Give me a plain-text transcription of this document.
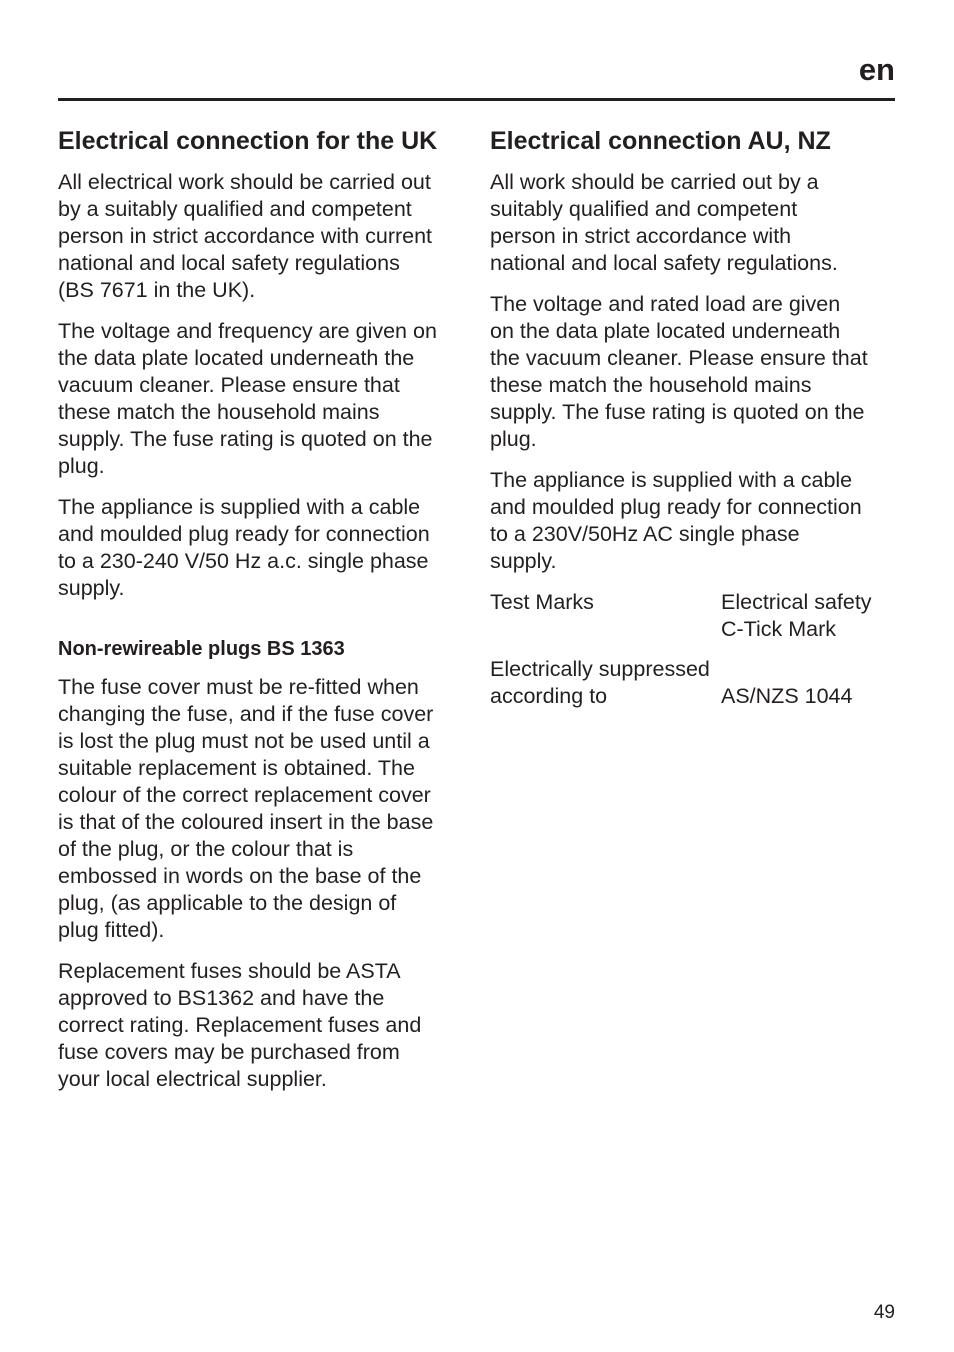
en
Electrical connection for the UK

All electrical work should be carried out
by a suitably qualified and competent
person in strict accordance with current
national and local safety regulations
(BS 7671 in the UK).

The voltage and frequency are given on
the data plate located underneath the
vacuum cleaner. Please ensure that
these match the household mains
supply. The fuse rating is quoted on the
plug.

The appliance is supplied with a cable
and moulded plug ready for connection
to a 230-240 V/50 Hz a.c. single phase
supply.

Non-rewireable plugs BS 1363

The fuse cover must be re-fitted when
changing the fuse, and if the fuse cover
is lost the plug must not be used until a
suitable replacement is obtained. The
colour of the correct replacement cover
is that of the coloured insert in the base
of the plug, or the colour that is
embossed in words on the base of the
plug, (as applicable to the design of
plug fitted).

Replacement fuses should be ASTA
approved to BS1362 and have the
correct rating. Replacement fuses and
fuse covers may be purchased from
your local electrical supplier.

Electrical connection AU, NZ

All work should be carried out by a
suitably qualified and competent
person in strict accordance with
national and local safety regulations.

The voltage and rated load are given
on the data plate located underneath
the vacuum cleaner. Please ensure that
these match the household mains
supply. The fuse rating is quoted on the
plug.

The appliance is supplied with a cable
and moulded plug ready for connection
to a 230V/50Hz AC single phase
supply.

Test Marks	Electrical safety
C-Tick Mark
Electrically suppressed
according to	AS/NZS 1044
49
